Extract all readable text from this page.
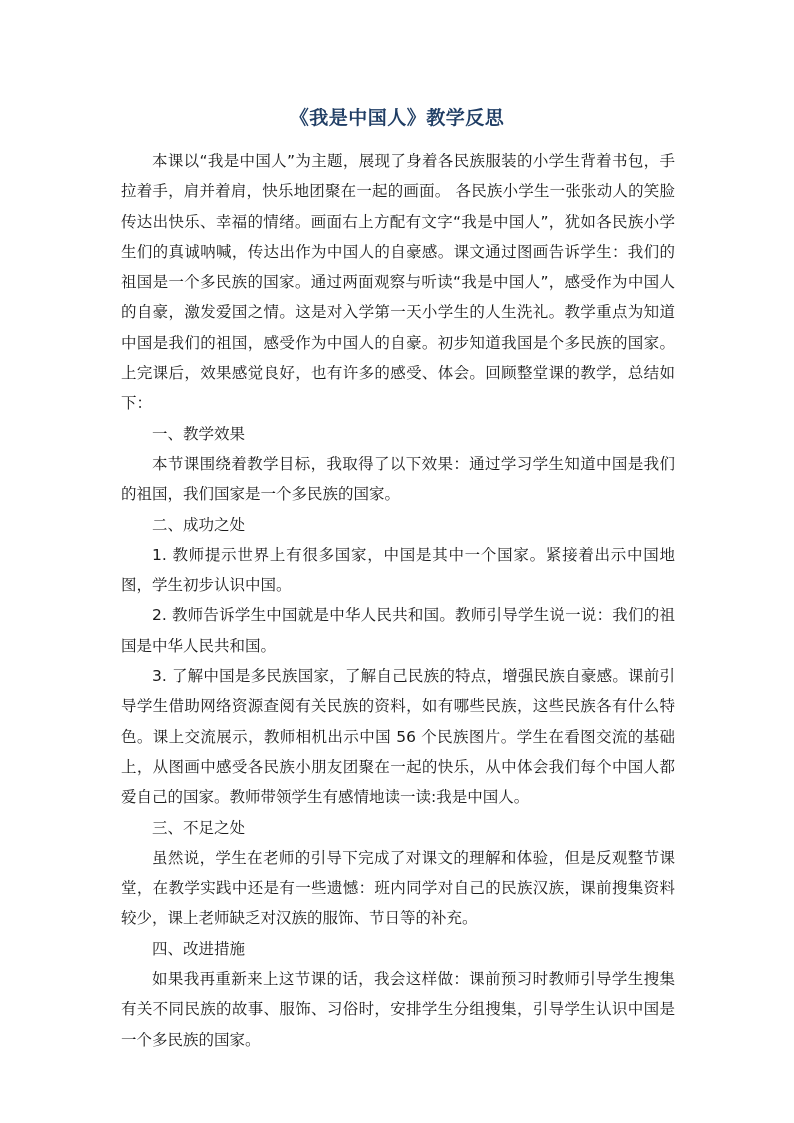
《我是中国人》教学反思

本课以“我是中国人”为主题，展现了身着各民族服装的小学生背着书包，手拉着手，肩并着肩，快乐地团聚在一起的画面。 各民族小学生一张张动人的笑脸传达出快乐、幸福的情绪。画面右上方配有文字“我是中国人”，犹如各民族小学生们的真诚呐喊，传达出作为中国人的自豪感。课文通过图画告诉学生：我们的祖国是一个多民族的国家。通过两面观察与听读“我是中国人”，感受作为中国人的自豪，激发爱国之情。这是对入学第一天小学生的人生洗礼。教学重点为知道中国是我们的祖国，感受作为中国人的自豪。初步知道我国是个多民族的国家。上完课后，效果感觉良好，也有许多的感受、体会。回顾整堂课的教学，总结如下：

一、教学效果

本节课围绕着教学目标，我取得了以下效果：通过学习学生知道中国是我们的祖国，我们国家是一个多民族的国家。

二、成功之处

1. 教师提示世界上有很多国家，中国是其中一个国家。紧接着出示中国地图，学生初步认识中国。

2. 教师告诉学生中国就是中华人民共和国。教师引导学生说一说：我们的祖国是中华人民共和国。

3. 了解中国是多民族国家，了解自己民族的特点，增强民族自豪感。课前引导学生借助网络资源查阅有关民族的资料，如有哪些民族，这些民族各有什么特色。课上交流展示，教师相机出示中国 56 个民族图片。学生在看图交流的基础上，从图画中感受各民族小朋友团聚在一起的快乐，从中体会我们每个中国人都爱自己的国家。教师带领学生有感情地读一读:我是中国人。

三、不足之处

虽然说，学生在老师的引导下完成了对课文的理解和体验，但是反观整节课堂，在教学实践中还是有一些遗憾：班内同学对自己的民族汉族，课前搜集资料较少，课上老师缺乏对汉族的服饰、节日等的补充。

四、改进措施

如果我再重新来上这节课的话，我会这样做：课前预习时教师引导学生搜集有关不同民族的故事、服饰、习俗时，安排学生分组搜集，引导学生认识中国是一个多民族的国家。
